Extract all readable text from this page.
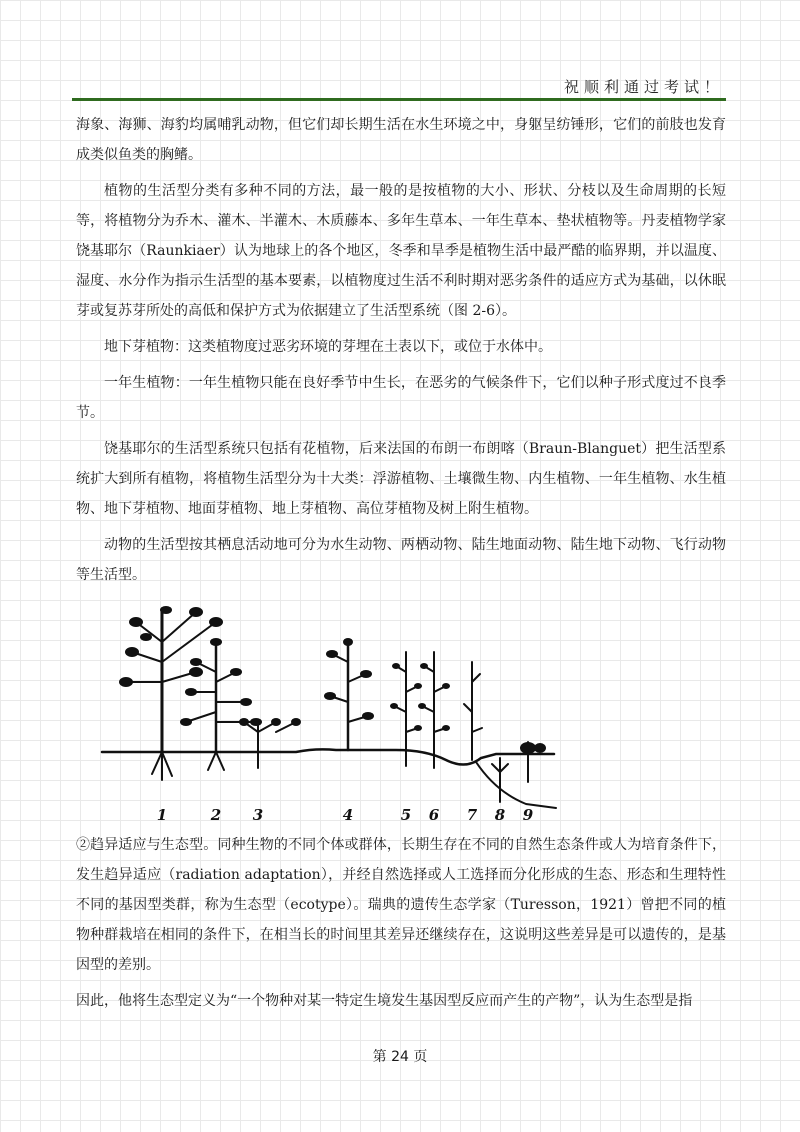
祝顺利通过考试！

海象、海狮、海豹均属哺乳动物，但它们却长期生活在水生环境之中，身躯呈纺锤形，它们的前肢也发育成类似鱼类的胸鳍。

植物的生活型分类有多种不同的方法，最一般的是按植物的大小、形状、分枝以及生命周期的长短等，将植物分为乔木、灌木、半灌木、木质藤本、多年生草本、一年生草本、垫状植物等。丹麦植物学家饶基耶尔（Raunkiaer）认为地球上的各个地区，冬季和旱季是植物生活中最严酷的临界期，并以温度、湿度、水分作为指示生活型的基本要素，以植物度过生活不利时期对恶劣条件的适应方式为基础，以休眠芽或复苏芽所处的高低和保护方式为依据建立了生活型系统（图 2-6）。

地下芽植物：这类植物度过恶劣环境的芽埋在土表以下，或位于水体中。

一年生植物：一年生植物只能在良好季节中生长，在恶劣的气候条件下，它们以种子形式度过不良季节。

饶基耶尔的生活型系统只包括有花植物，后来法国的布朗一布朗喀（Braun-Blanguet）把生活型系统扩大到所有植物，将植物生活型分为十大类：浮游植物、土壤微生物、内生植物、一年生植物、水生植物、地下芽植物、地面芽植物、地上芽植物、高位芽植物及树上附生植物。

动物的生活型按其栖息活动地可分为水生动物、两栖动物、陆生地面动物、陆生地下动物、飞行动物等生活型。

1	2 3	4	5 6 7 8 9

②趋异适应与生态型。同种生物的不同个体或群体，长期生存在不同的自然生态条件或人为培育条件下，发生趋异适应（radiation adaptation），并经自然选择或人工选择而分化形成的生态、形态和生理特性不同的基因型类群，称为生态型（ecotype）。瑞典的遗传生态学家（Turesson，1921）曾把不同的植物种群栽培在相同的条件下，在相当长的时间里其差异还继续存在，这说明这些差异是可以遗传的，是基因型的差别。

因此，他将生态型定义为“一个物种对某一特定生境发生基因型反应而产生的产物”，认为生态型是指

第 24 页
